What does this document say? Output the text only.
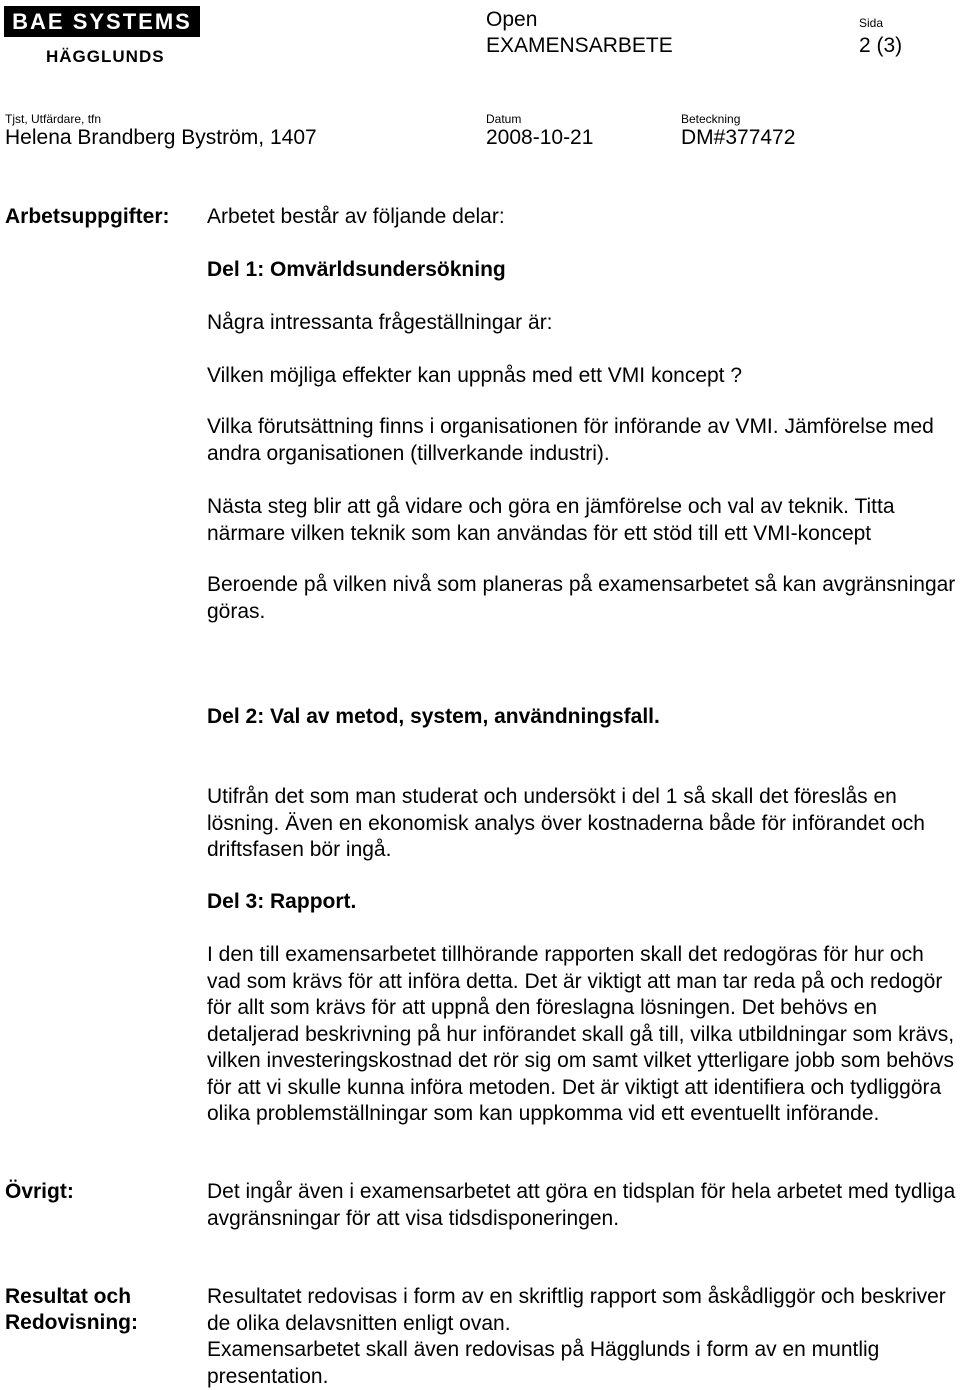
BAE SYSTEMS
HÄGGLUNDS
Open
EXAMENSARBETE
Sida
2 (3)
Tjst, Utfärdare, tfn
Helena Brandberg Byström, 1407
Datum
2008-10-21
Beteckning
DM#377472
Arbetsuppgifter: Arbetet består av följande delar:
Del 1: Omvärldsundersökning
Några intressanta frågeställningar är:
Vilken möjliga effekter kan uppnås med ett VMI koncept ?
Vilka förutsättning finns i organisationen för införande av VMI. Jämförelse med andra organisationen (tillverkande industri).
Nästa steg blir att gå vidare och göra en jämförelse och val av teknik. Titta närmare vilken teknik som kan användas för ett stöd till ett VMI-koncept
Beroende på vilken nivå som planeras på examensarbetet så kan avgränsningar göras.
Del 2: Val av metod, system, användningsfall.
Utifrån det som man studerat och undersökt i del 1 så skall det föreslås en lösning. Även en ekonomisk analys över kostnaderna både för införandet och driftsfasen bör ingå.
Del 3: Rapport.
I den till examensarbetet tillhörande rapporten skall det redogöras för hur och vad som krävs för att införa detta. Det är viktigt att man tar reda på och redogör för allt som krävs för att uppnå den föreslagna lösningen. Det behövs en detaljerad beskrivning på hur införandet skall gå till, vilka utbildningar som krävs, vilken investeringskostnad det rör sig om samt vilket ytterligare jobb som behövs för att vi skulle kunna införa metoden. Det är viktigt att identifiera och tydliggöra olika problemställningar som kan uppkomma vid ett eventuellt införande.
Övrigt:	Det ingår även i examensarbetet att göra en tidsplan för hela arbetet med tydliga avgränsningar för att visa tidsdisponeringen.
Resultat och
Redovisning:

Resultatet redovisas i form av en skriftlig rapport som åskådliggör och beskriver de olika delavsnitten enligt ovan.

Examensarbetet skall även redovisas på Hägglunds i form av en muntlig presentation.
